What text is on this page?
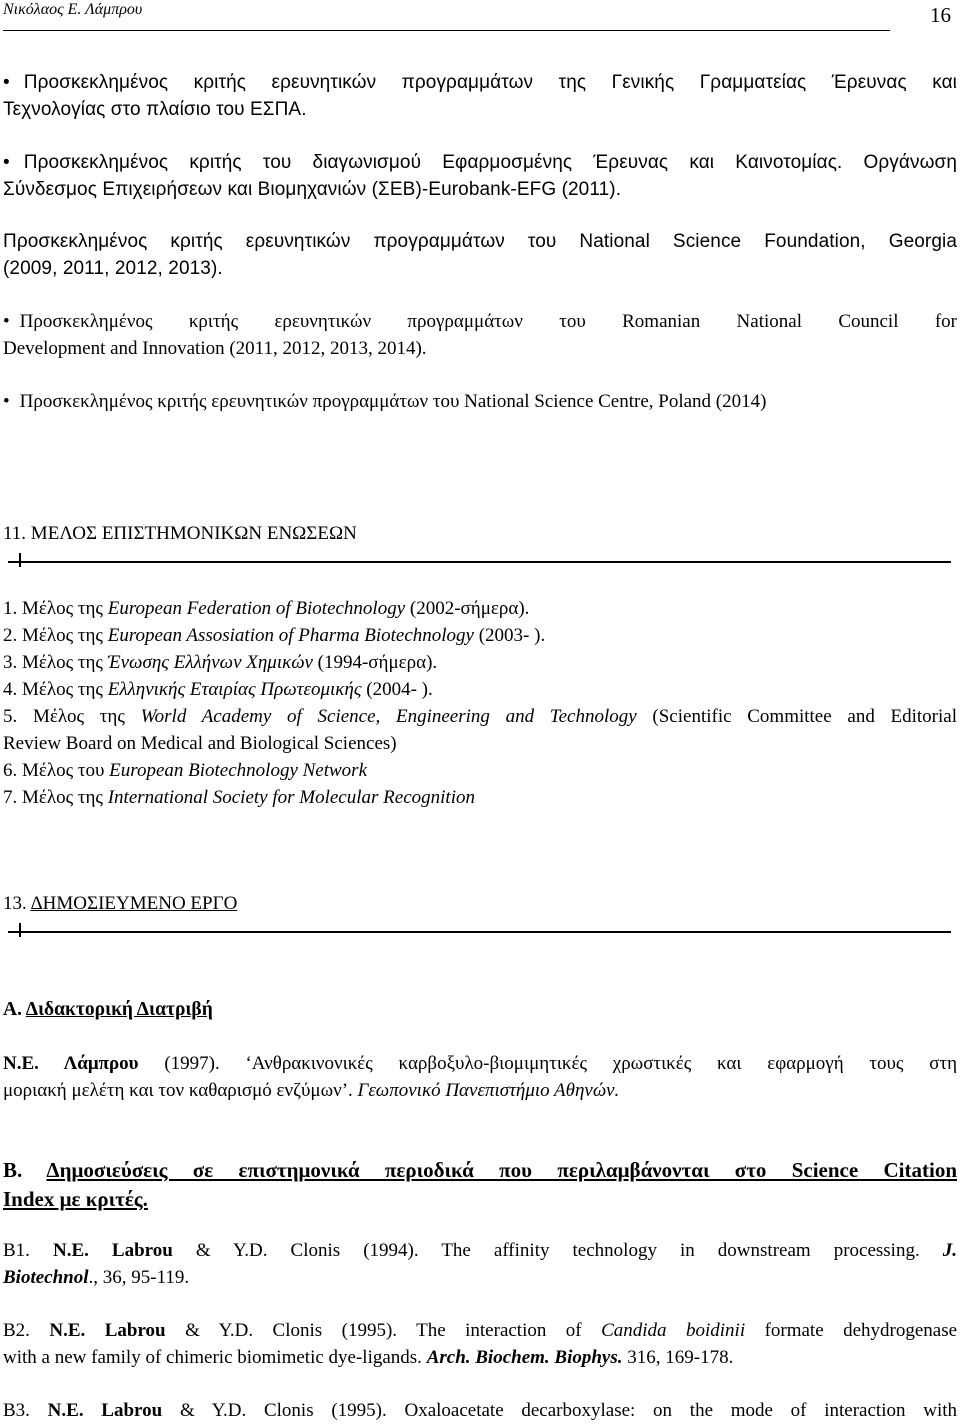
Νικόλαος Ε. Λάμπρου	16
• Προσκεκλημένος κριτής ερευνητικών προγραμμάτων της Γενικής Γραμματείας Έρευνας και
Τεχνολογίας στο πλαίσιο του ΕΣΠΑ.
• Προσκεκλημένος κριτής του διαγωνισμού Εφαρμοσμένης Έρευνας και Καινοτομίας. Οργάνωση
Σύνδεσμος Επιχειρήσεων και Βιομηχανιών (ΣΕΒ)-Eurobank-EFG (2011).
Προσκεκλημένος κριτής ερευνητικών προγραμμάτων του National Science Foundation, Georgia
(2009, 2011, 2012, 2013).
• Προσκεκλημένος κριτής ερευνητικών προγραμμάτων του Romanian National Council for
Development and Innovation (2011, 2012, 2013, 2014).
• Προσκεκλημένος κριτής ερευνητικών προγραμμάτων του National Science Centre, Poland (2014)
11. ΜΕΛΟΣ ΕΠΙΣΤΗΜΟΝΙΚΩΝ ΕΝΩΣΕΩΝ
1. Μέλος της European Federation of Biotechnology (2002-σήμερα).
2. Μέλος της European Assosiation of Pharma Biotechnology (2003- ).
3. Μέλος της Ένωσης Ελλήνων Χημικών (1994-σήμερα).
4. Μέλος της Ελληνικής Εταιρίας Πρωτεομικής (2004- ).
5. Μέλος της World Academy of Science, Engineering and Technology (Scientific Committee and Editorial
Review Board on Medical and Biological Sciences)
6. Μέλος του European Biotechnology Network
7. Μέλος της International Society for Molecular Recognition
13. ΔΗΜΟΣΙΕΥΜΕΝΟ ΕΡΓΟ
Α. Διδακτορική Διατριβή
Ν.Ε. Λάμπρου (1997). ‘Ανθρακινονικές καρβοξυλο-βιομιμητικές χρωστικές και εφαρμογή τους στη
μοριακή μελέτη και τον καθαρισμό ενζύμων’. Γεωπονικό Πανεπιστήμιο Αθηνών.
Β. Δημοσιεύσεις σε επιστημονικά περιοδικά που περιλαμβάνονται στο Science Citation
Index με κριτές.
Β1. N.E. Labrou & Y.D. Clonis (1994). The affinity technology in downstream processing. J.
Biotechnol., 36, 95-119.
Β2. N.E. Labrou & Y.D. Clonis (1995). The interaction of Candida boidinii formate dehydrogenase
with a new family of chimeric biomimetic dye-ligands. Arch. Biochem. Biophys. 316, 169-178.
Β3. N.E. Labrou & Y.D. Clonis (1995). Oxaloacetate decarboxylase: on the mode of interaction with
